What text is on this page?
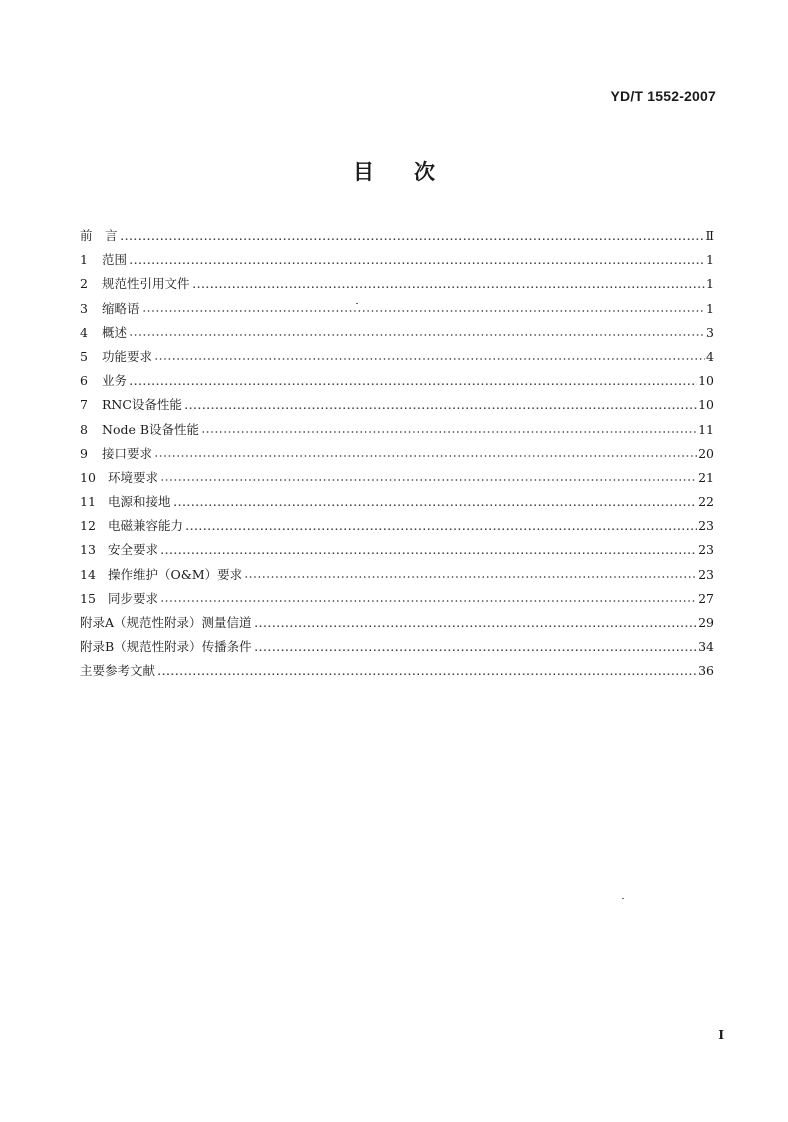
YD/T 1552-2007
目 次
前　言	Ⅱ
1 范围	1
2 规范性引用文件	1
3 缩略语	1
4 概述	3
5 功能要求	4
6 业务	10
7 RNC设备性能	10
8 Node B设备性能	11
9 接口要求	20
10 环境要求	21
11 电源和接地	22
12 电磁兼容能力	23
13 安全要求	23
14 操作维护（O&M）要求	23
15 同步要求	27
附录A（规范性附录）测量信道	29
附录B（规范性附录）传播条件	34
主要参考文献	36
I
